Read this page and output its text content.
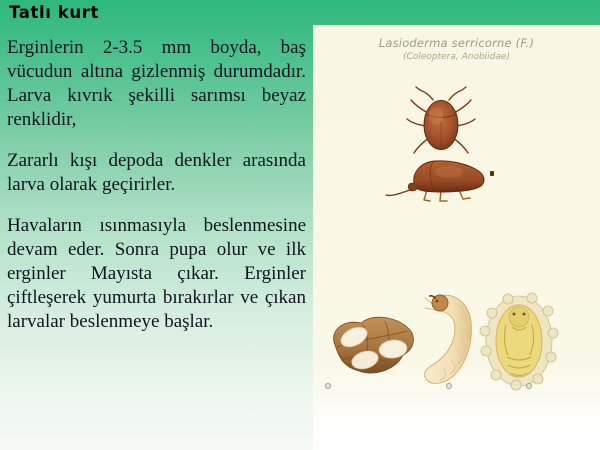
Tatlı kurt

Erginlerin 2-3.5 mm boyda, baş vücudun altına gizlenmiş durumdadır. Larva kıvrık şekilli sarımsı beyaz renklidir,

Zararlı kışı depoda denkler arasında larva olarak geçirirler.

Havaların ısınmasıyla beslenmesine devam eder. Sonra pupa olur ve ilk erginler Mayısta çıkar. Erginler çiftleşerek yumurta bırakırlar ve çıkan larvalar beslenmeye başlar.

Lasioderma serricorne (F.)
(Coleoptera, Anobiidae)
